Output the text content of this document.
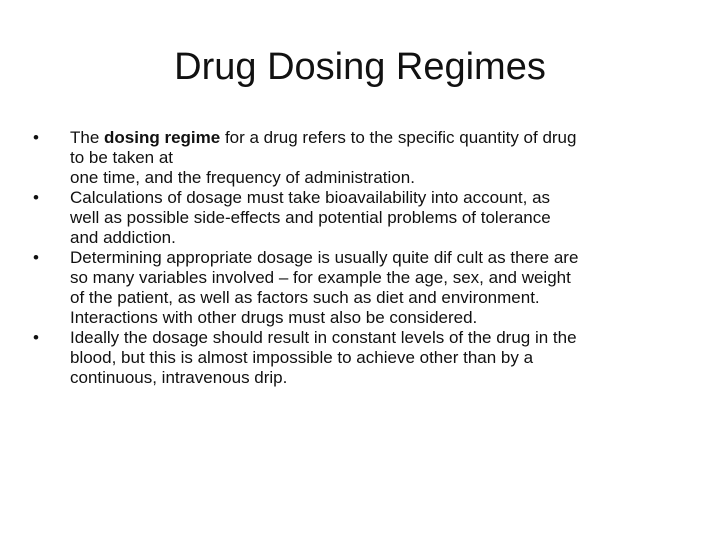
Drug Dosing Regimes
•	The dosing regime for a drug refers to the specific quantity of drug
to be taken at
one time, and the frequency of administration.
•	Calculations of dosage must take bioavailability into account, as
well as possible side-effects and potential problems of tolerance
and addiction.
•	Determining appropriate dosage is usually quite dif cult as there are
so many variables involved – for example the age, sex, and weight
of the patient, as well as factors such as diet and environment.
Interactions with other drugs must also be considered.
•	Ideally the dosage should result in constant levels of the drug in the
blood, but this is almost impossible to achieve other than by a
continuous, intravenous drip.
